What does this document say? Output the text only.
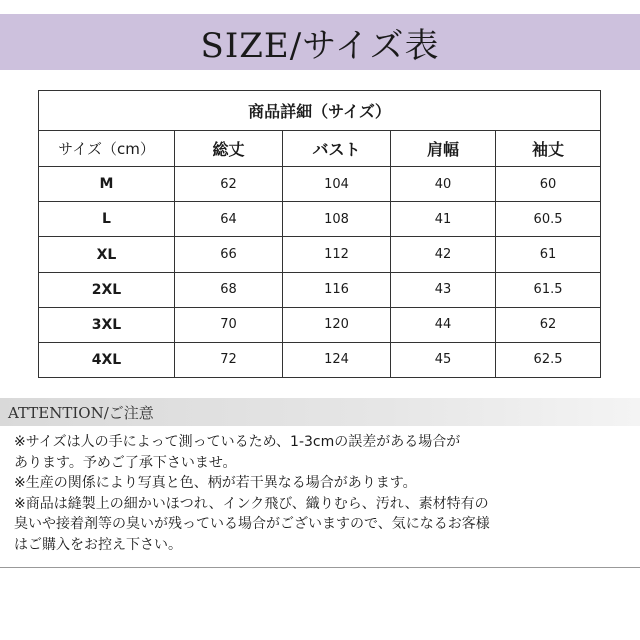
SIZE/サイズ表
商品詳細（サイズ）				
サイズ（cm）	総丈	バスト	肩幅	袖丈
M	62	104	40	60
L	64	108	41	60.5
XL	66	112	42	61
2XL	68	116	43	61.5
3XL	70	120	44	62
4XL	72	124	45	62.5
ATTENTION/ご注意

※サイズは人の手によって測っているため、1-3cmの誤差がある場合が

あります。予めご了承下さいませ。

※生産の関係により写真と色、柄が若干異なる場合があります。

※商品は縫製上の細かいほつれ、インク飛び、織りむら、汚れ、素材特有の

臭いや接着剤等の臭いが残っている場合がございますので、気になるお客様

はご購入をお控え下さい。
